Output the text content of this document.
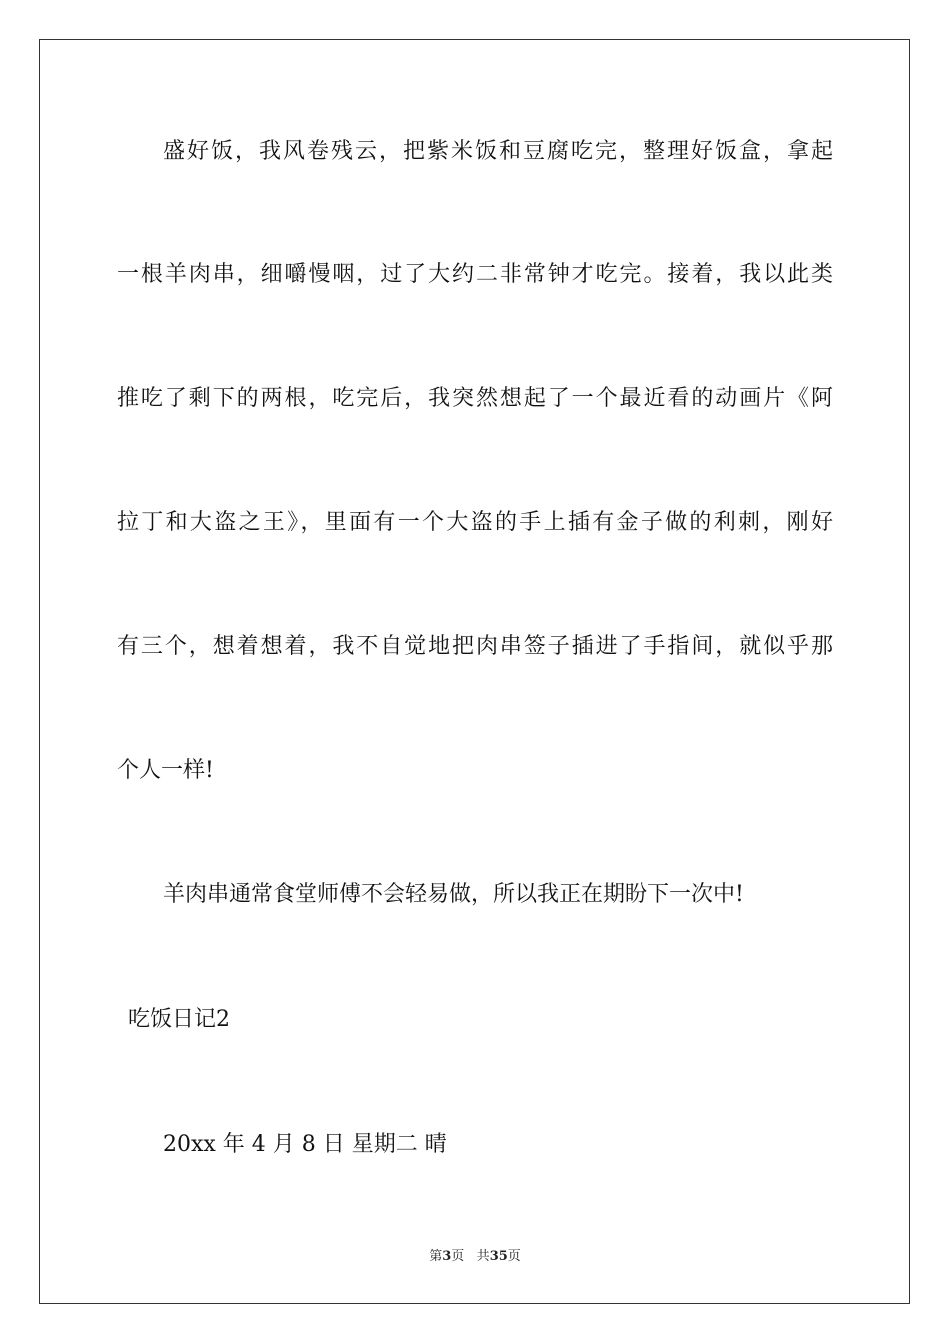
盛好饭，我风卷残云，把紫米饭和豆腐吃完，整理好饭盒，拿起
一根羊肉串，细嚼慢咽，过了大约二非常钟才吃完。接着，我以此类
推吃了剩下的两根，吃完后，我突然想起了一个最近看的动画片《阿
拉丁和大盗之王》，里面有一个大盗的手上插有金子做的利刺，刚好
有三个，想着想着，我不自觉地把肉串签子插进了手指间，就似乎那
个人一样!
羊肉串通常食堂师傅不会轻易做，所以我正在期盼下一次中!
吃饭日记2
20xx 年 4 月 8 日 星期二 晴
第3页 共35页
